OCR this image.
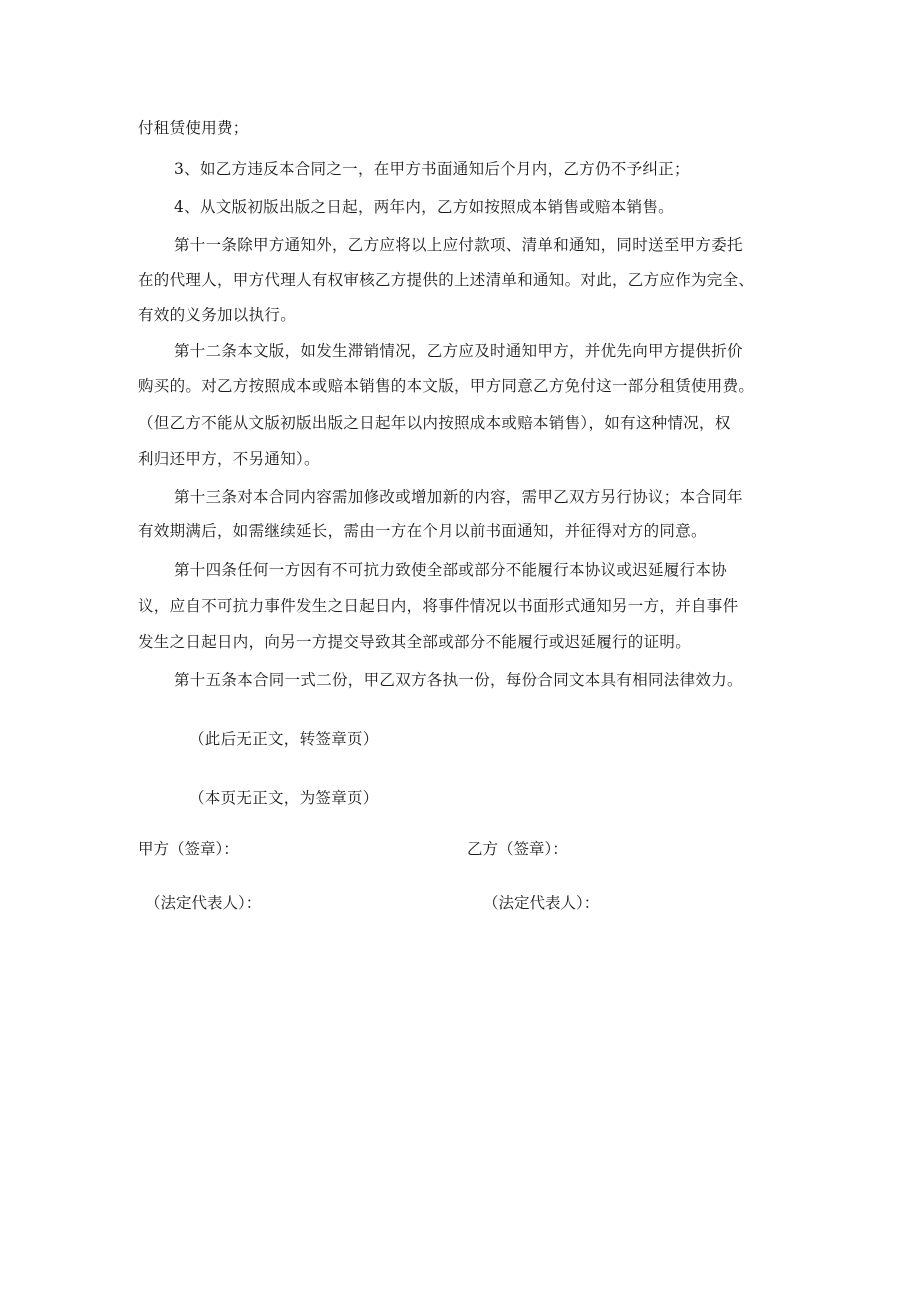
付租赁使用费；
3、如乙方违反本合同之一，在甲方书面通知后个月内，乙方仍不予纠正；
4、从文版初版出版之日起，两年内，乙方如按照成本销售或赔本销售。
第十一条除甲方通知外，乙方应将以上应付款项、清单和通知，同时送至甲方委托
在的代理人，甲方代理人有权审核乙方提供的上述清单和通知。对此，乙方应作为完全、
有效的义务加以执行。
第十二条本文版，如发生滞销情况，乙方应及时通知甲方，并优先向甲方提供折价
购买的。对乙方按照成本或赔本销售的本文版，甲方同意乙方免付这一部分租赁使用费。
（但乙方不能从文版初版出版之日起年以内按照成本或赔本销售），如有这种情况，权
利归还甲方，不另通知）。
第十三条对本合同内容需加修改或增加新的内容，需甲乙双方另行协议；本合同年
有效期满后，如需继续延长，需由一方在个月以前书面通知，并征得对方的同意。
第十四条任何一方因有不可抗力致使全部或部分不能履行本协议或迟延履行本协
议，应自不可抗力事件发生之日起日内，将事件情况以书面形式通知另一方，并自事件
发生之日起日内，向另一方提交导致其全部或部分不能履行或迟延履行的证明。
第十五条本合同一式二份，甲乙双方各执一份，每份合同文本具有相同法律效力。
（此后无正文，转签章页）
（本页无正文，为签章页）
甲方（签章）：	乙方（签章）：
（法定代表人）：	（法定代表人）：
